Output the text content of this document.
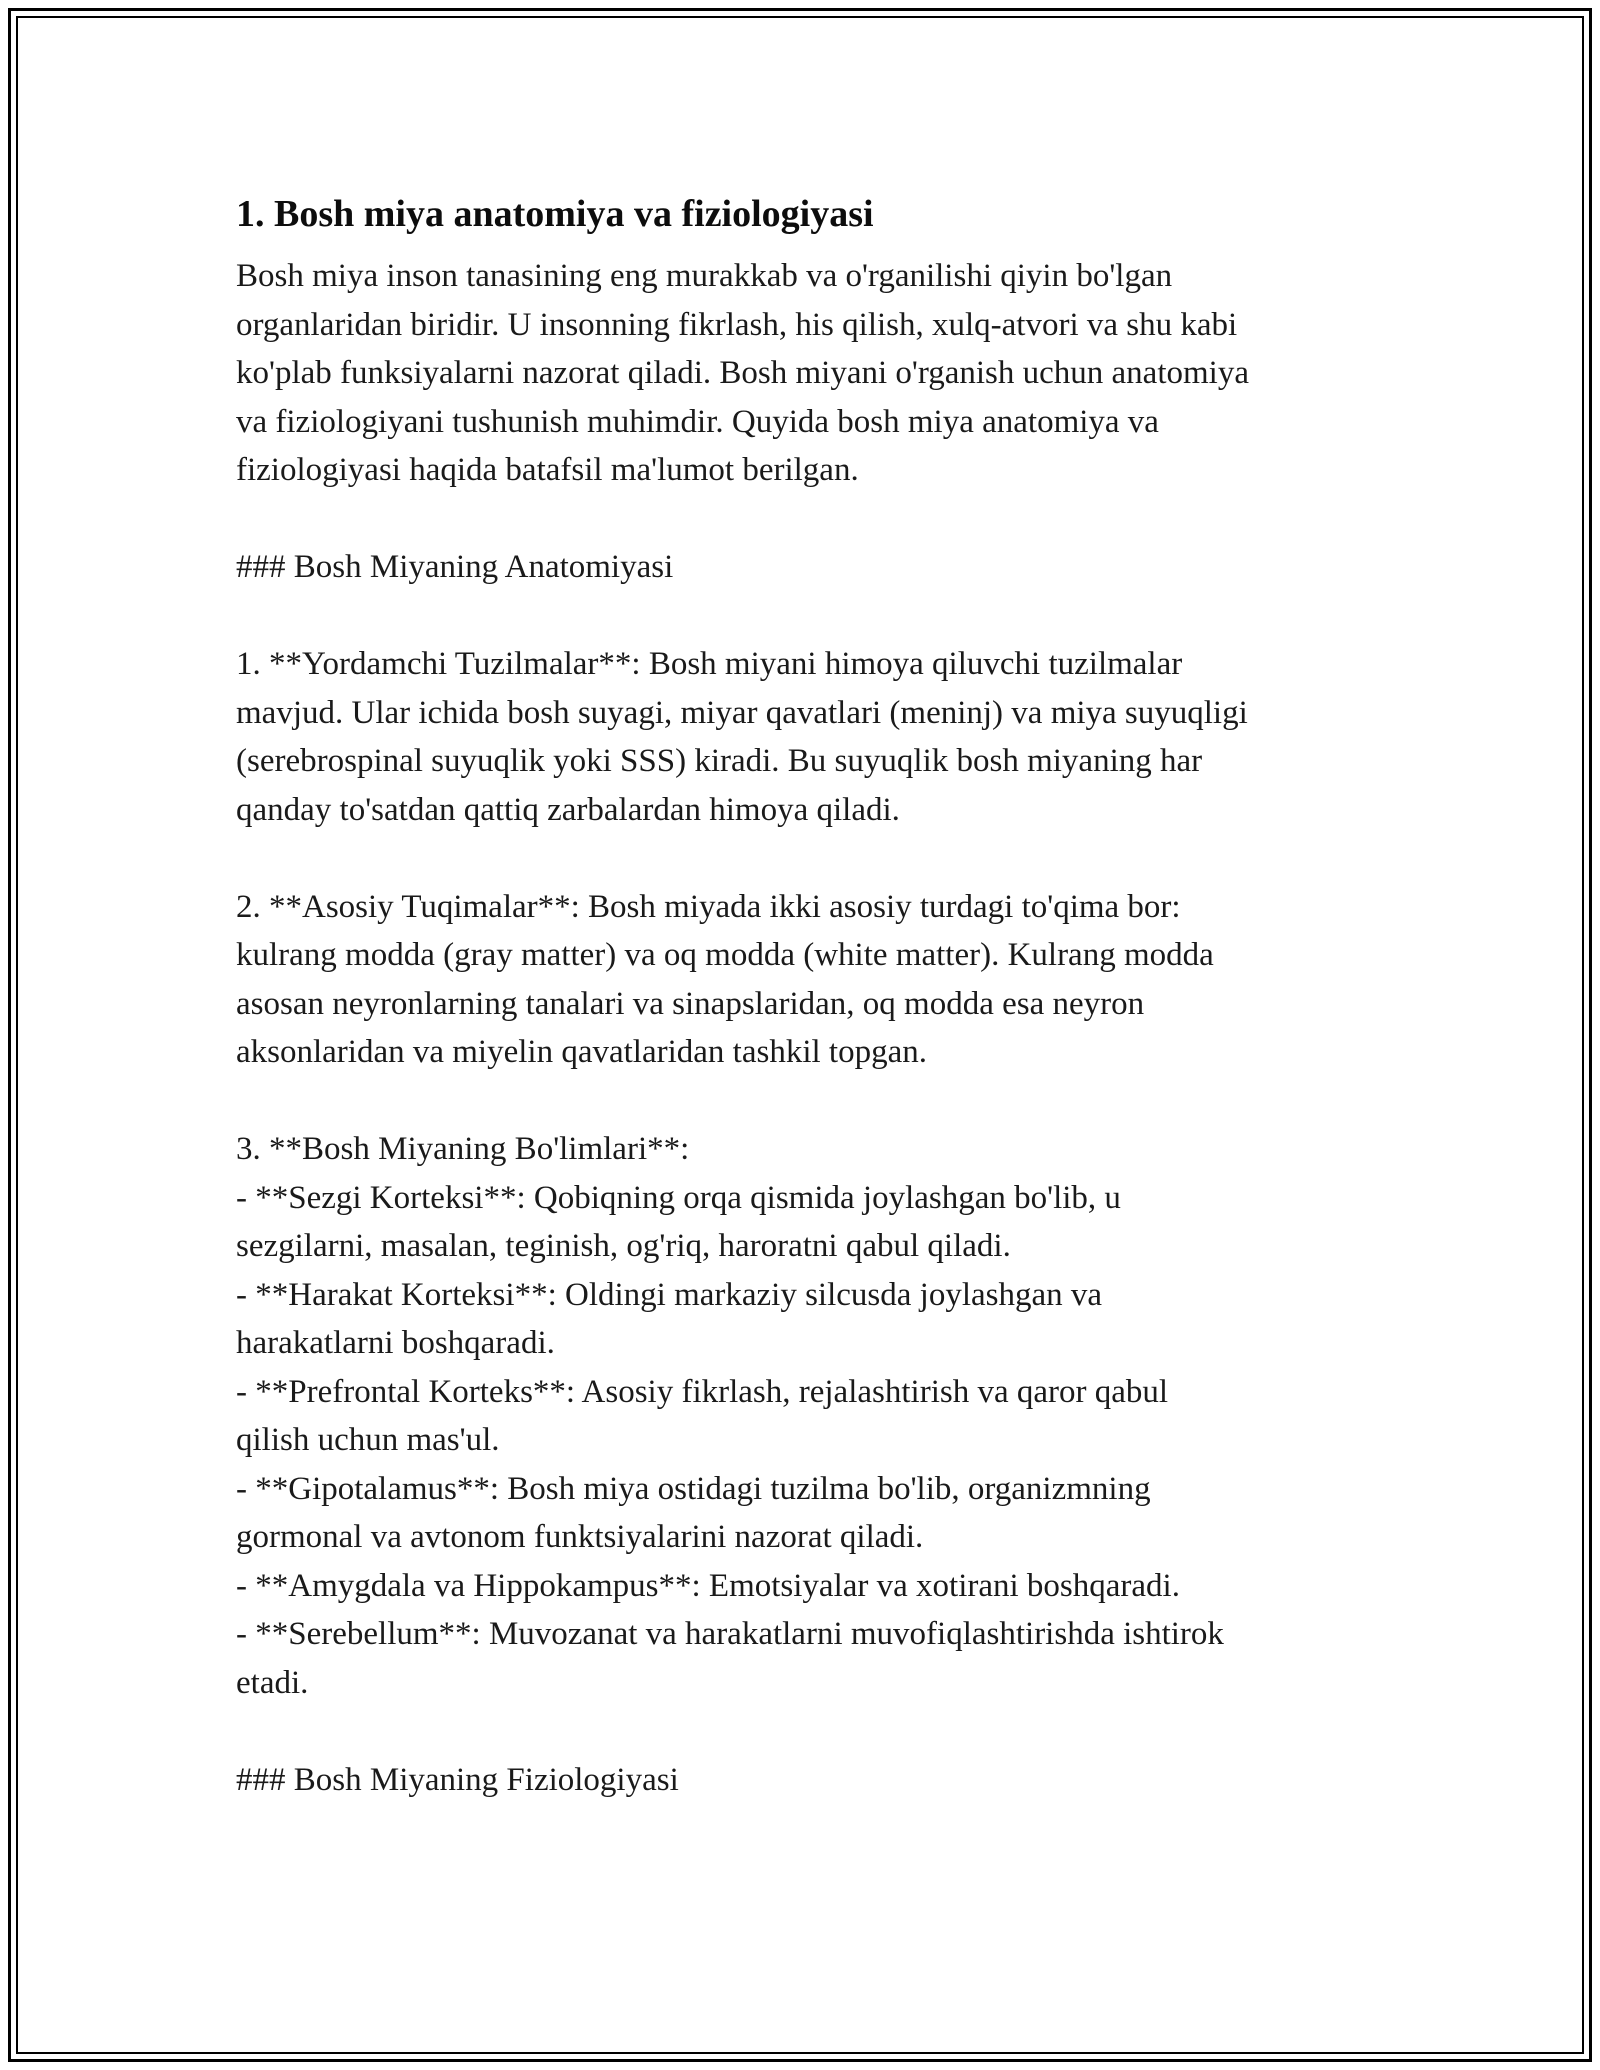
1. Bosh miya anatomiya va fiziologiyasi

Bosh miya inson tanasining eng murakkab va o'rganilishi qiyin bo'lgan
organlaridan biridir. U insonning fikrlash, his qilish, xulq-atvori va shu kabi
ko'plab funksiyalarni nazorat qiladi. Bosh miyani o'rganish uchun anatomiya
va fiziologiyani tushunish muhimdir. Quyida bosh miya anatomiya va
fiziologiyasi haqida batafsil ma'lumot berilgan.

### Bosh Miyaning Anatomiyasi

1. **Yordamchi Tuzilmalar**: Bosh miyani himoya qiluvchi tuzilmalar
mavjud. Ular ichida bosh suyagi, miyar qavatlari (meninj) va miya suyuqligi
(serebrospinal suyuqlik yoki SSS) kiradi. Bu suyuqlik bosh miyaning har
qanday to'satdan qattiq zarbalardan himoya qiladi.

2. **Asosiy Tuqimalar**: Bosh miyada ikki asosiy turdagi to'qima bor:
kulrang modda (gray matter) va oq modda (white matter). Kulrang modda
asosan neyronlarning tanalari va sinapslaridan, oq modda esa neyron
aksonlaridan va miyelin qavatlaridan tashkil topgan.

3. **Bosh Miyaning Bo'limlari**:
- **Sezgi Korteksi**: Qobiqning orqa qismida joylashgan bo'lib, u
sezgilarni, masalan, teginish, og'riq, haroratni qabul qiladi.
- **Harakat Korteksi**: Oldingi markaziy silcusda joylashgan va
harakatlarni boshqaradi.
- **Prefrontal Korteks**: Asosiy fikrlash, rejalashtirish va qaror qabul
qilish uchun mas'ul.
- **Gipotalamus**: Bosh miya ostidagi tuzilma bo'lib, organizmning
gormonal va avtonom funktsiyalarini nazorat qiladi.
- **Amygdala va Hippokampus**: Emotsiyalar va xotirani boshqaradi.
- **Serebellum**: Muvozanat va harakatlarni muvofiqlashtirishda ishtirok
etadi.

### Bosh Miyaning Fiziologiyasi
